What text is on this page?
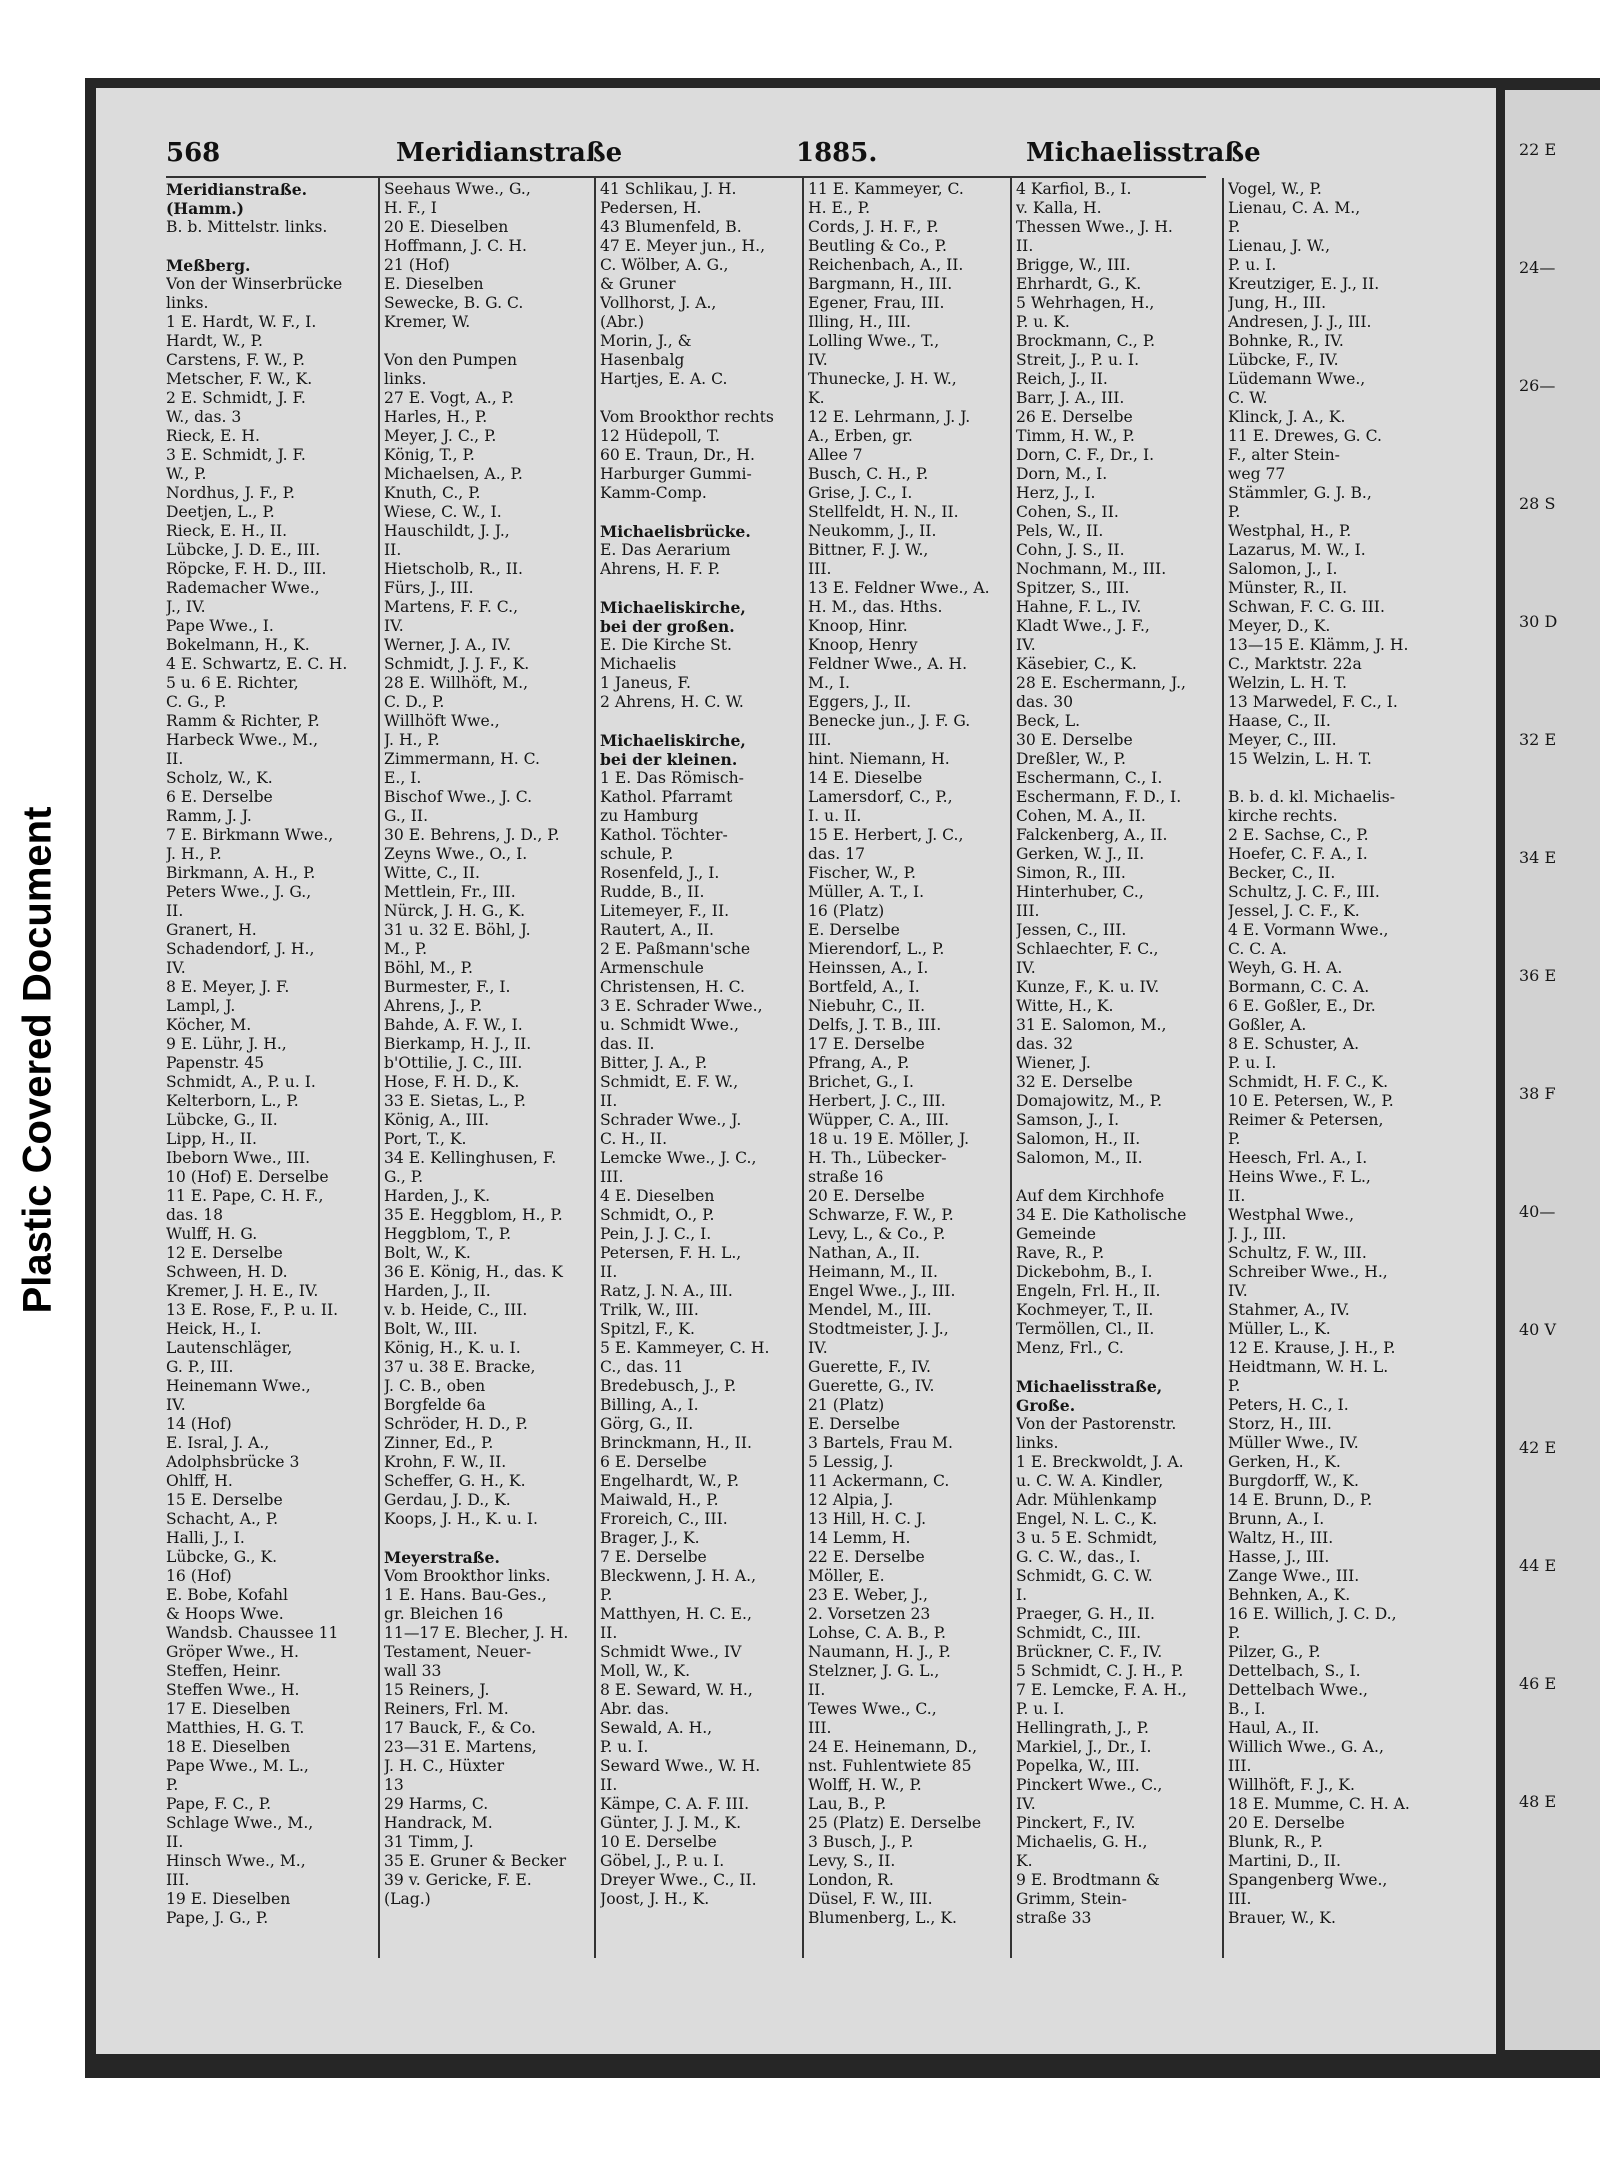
Plastic Covered Document
22 E
24—
26—
28 S
30 D
32 E
34 E
36 E
38 F
40—
40 V
42 E
44 E
46 E
48 E
568	Meridianstraße	1885.	Michaelisstraße
Meridianstraße.
(Hamm.)
B. b. Mittelstr. links.

Meßberg.
Von der Winserbrücke
links.
1 E. Hardt, W. F., I.
Hardt, W., P.
Carstens, F. W., P.
Metscher, F. W., K.
2 E. Schmidt, J. F.
W., das. 3
Rieck, E. H.
3 E. Schmidt, J. F.
W., P.
Nordhus, J. F., P.
Deetjen, L., P.
Rieck, E. H., II.
Lübcke, J. D. E., III.
Röpcke, F. H. D., III.
Rademacher Wwe.,
J., IV.
Pape Wwe., I.
Bokelmann, H., K.
4 E. Schwartz, E. C. H.
5 u. 6 E. Richter,
C. G., P.
Ramm & Richter, P.
Harbeck Wwe., M.,
II.
Scholz, W., K.
6 E. Derselbe
Ramm, J. J.
7 E. Birkmann Wwe.,
J. H., P.
Birkmann, A. H., P.
Peters Wwe., J. G.,
II.
Granert, H.
Schadendorf, J. H.,
IV.
8 E. Meyer, J. F.
Lampl, J.
Köcher, M.
9 E. Lühr, J. H.,
Papenstr. 45
Schmidt, A., P. u. I.
Kelterborn, L., P.
Lübcke, G., II.
Lipp, H., II.
Ibeborn Wwe., III.
10 (Hof) E. Derselbe
11 E. Pape, C. H. F.,
das. 18
Wulff, H. G.
12 E. Derselbe
Schween, H. D.
Kremer, J. H. E., IV.
13 E. Rose, F., P. u. II.
Heick, H., I.
Lautenschläger,
G. P., III.
Heinemann Wwe.,
IV.
14 (Hof)
E. Isral, J. A.,
Adolphsbrücke 3
Ohlff, H.
15 E. Derselbe
Schacht, A., P.
Halli, J., I.
Lübcke, G., K.
16 (Hof)
E. Bobe, Kofahl
& Hoops Wwe.
Wandsb. Chaussee 11
Gröper Wwe., H.
Steffen, Heinr.
Steffen Wwe., H.
17 E. Dieselben
Matthies, H. G. T.
18 E. Dieselben
Pape Wwe., M. L.,
P.
Pape, F. C., P.
Schlage Wwe., M.,
II.
Hinsch Wwe., M.,
III.
19 E. Dieselben
Pape, J. G., P.
Seehaus Wwe., G.,
H. F., I
20 E. Dieselben
Hoffmann, J. C. H.
21 (Hof)
E. Dieselben
Sewecke, B. G. C.
Kremer, W.

Von den Pumpen
links.
27 E. Vogt, A., P.
Harles, H., P.
Meyer, J. C., P.
König, T., P.
Michaelsen, A., P.
Knuth, C., P.
Wiese, C. W., I.
Hauschildt, J. J.,
II.
Hietscholb, R., II.
Fürs, J., III.
Martens, F. F. C.,
IV.
Werner, J. A., IV.
Schmidt, J. J. F., K.
28 E. Willhöft, M.,
C. D., P.
Willhöft Wwe.,
J. H., P.
Zimmermann, H. C.
E., I.
Bischof Wwe., J. C.
G., II.
30 E. Behrens, J. D., P.
Zeyns Wwe., O., I.
Witte, C., II.
Mettlein, Fr., III.
Nürck, J. H. G., K.
31 u. 32 E. Böhl, J.
M., P.
Böhl, M., P.
Burmester, F., I.
Ahrens, J., P.
Bahde, A. F. W., I.
Bierkamp, H. J., II.
b'Ottilie, J. C., III.
Hose, F. H. D., K.
33 E. Sietas, L., P.
König, A., III.
Port, T., K.
34 E. Kellinghusen, F.
G., P.
Harden, J., K.
35 E. Heggblom, H., P.
Heggblom, T., P.
Bolt, W., K.
36 E. König, H., das. K
Harden, J., II.
v. b. Heide, C., III.
Bolt, W., III.
König, H., K. u. I.
37 u. 38 E. Bracke,
J. C. B., oben
Borgfelde 6a
Schröder, H. D., P.
Zinner, Ed., P.
Krohn, F. W., II.
Scheffer, G. H., K.
Gerdau, J. D., K.
Koops, J. H., K. u. I.

Meyerstraße.
Vom Brookthor links.
1 E. Hans. Bau-Ges.,
gr. Bleichen 16
11—17 E. Blecher, J. H.
Testament, Neuer-
wall 33
15 Reiners, J.
Reiners, Frl. M.
17 Bauck, F., & Co.
23—31 E. Martens,
J. H. C., Hüxter
13
29 Harms, C.
Handrack, M.
31 Timm, J.
35 E. Gruner & Becker
39 v. Gericke, F. E.
(Lag.)
41 Schlikau, J. H.
Pedersen, H.
43 Blumenfeld, B.
47 E. Meyer jun., H.,
C. Wölber, A. G.,
& Gruner
Vollhorst, J. A.,
(Abr.)
Morin, J., &
Hasenbalg
Hartjes, E. A. C.

Vom Brookthor rechts
12 Hüdepoll, T.
60 E. Traun, Dr., H.
Harburger Gummi-
Kamm-Comp.

Michaelisbrücke.
E. Das Aerarium
Ahrens, H. F. P.

Michaeliskirche,
bei der großen.
E. Die Kirche St.
Michaelis
1 Janeus, F.
2 Ahrens, H. C. W.

Michaeliskirche,
bei der kleinen.
1 E. Das Römisch-
Kathol. Pfarramt
zu Hamburg
Kathol. Töchter-
schule, P.
Rosenfeld, J., I.
Rudde, B., II.
Litemeyer, F., II.
Rautert, A., II.
2 E. Paßmann'sche
Armenschule
Christensen, H. C.
3 E. Schrader Wwe.,
u. Schmidt Wwe.,
das. II.
Bitter, J. A., P.
Schmidt, E. F. W.,
II.
Schrader Wwe., J.
C. H., II.
Lemcke Wwe., J. C.,
III.
4 E. Dieselben
Schmidt, O., P.
Pein, J. J. C., I.
Petersen, F. H. L.,
II.
Ratz, J. N. A., III.
Trilk, W., III.
Spitzl, F., K.
5 E. Kammeyer, C. H.
C., das. 11
Bredebusch, J., P.
Billing, A., I.
Görg, G., II.
Brinckmann, H., II.
6 E. Derselbe
Engelhardt, W., P.
Maiwald, H., P.
Froreich, C., III.
Brager, J., K.
7 E. Derselbe
Bleckwenn, J. H. A.,
P.
Matthyen, H. C. E.,
II.
Schmidt Wwe., IV
Moll, W., K.
8 E. Seward, W. H.,
Abr. das.
Sewald, A. H.,
P. u. I.
Seward Wwe., W. H.
II.
Kämpe, C. A. F. III.
Günter, J. J. M., K.
10 E. Derselbe
Göbel, J., P. u. I.
Dreyer Wwe., C., II.
Joost, J. H., K.
11 E. Kammeyer, C.
H. E., P.
Cords, J. H. F., P.
Beutling & Co., P.
Reichenbach, A., II.
Bargmann, H., III.
Egener, Frau, III.
Illing, H., III.
Lolling Wwe., T.,
IV.
Thunecke, J. H. W.,
K.
12 E. Lehrmann, J. J.
A., Erben, gr.
Allee 7
Busch, C. H., P.
Grise, J. C., I.
Stellfeldt, H. N., II.
Neukomm, J., II.
Bittner, F. J. W.,
III.
13 E. Feldner Wwe., A.
H. M., das. Hths.
Knoop, Hinr.
Knoop, Henry
Feldner Wwe., A. H.
M., I.
Eggers, J., II.
Benecke jun., J. F. G.
III.
hint. Niemann, H.
14 E. Dieselbe
Lamersdorf, C., P.,
I. u. II.
15 E. Herbert, J. C.,
das. 17
Fischer, W., P.
Müller, A. T., I.
16 (Platz)
E. Derselbe
Mierendorf, L., P.
Heinssen, A., I.
Bortfeld, A., I.
Niebuhr, C., II.
Delfs, J. T. B., III.
17 E. Derselbe
Pfrang, A., P.
Brichet, G., I.
Herbert, J. C., III.
Wüpper, C. A., III.
18 u. 19 E. Möller, J.
H. Th., Lübecker-
straße 16
20 E. Derselbe
Schwarze, F. W., P.
Levy, L., & Co., P.
Nathan, A., II.
Heimann, M., II.
Engel Wwe., J., III.
Mendel, M., III.
Stodtmeister, J. J.,
IV.
Guerette, F., IV.
Guerette, G., IV.
21 (Platz)
E. Derselbe
3 Bartels, Frau M.
5 Lessig, J.
11 Ackermann, C.
12 Alpia, J.
13 Hill, H. C. J.
14 Lemm, H.
22 E. Derselbe
Möller, E.
23 E. Weber, J.,
2. Vorsetzen 23
Lohse, C. A. B., P.
Naumann, H. J., P.
Stelzner, J. G. L.,
II.
Tewes Wwe., C.,
III.
24 E. Heinemann, D.,
nst. Fuhlentwiete 85
Wolff, H. W., P.
Lau, B., P.
25 (Platz) E. Derselbe
3 Busch, J., P.
Levy, S., II.
London, R.
Düsel, F. W., III.
Blumenberg, L., K.
4 Karfiol, B., I.
v. Kalla, H.
Thessen Wwe., J. H.
II.
Brigge, W., III.
Ehrhardt, G., K.
5 Wehrhagen, H.,
P. u. K.
Brockmann, C., P.
Streit, J., P. u. I.
Reich, J., II.
Barr, J. A., III.
26 E. Derselbe
Timm, H. W., P.
Dorn, C. F., Dr., I.
Dorn, M., I.
Herz, J., I.
Cohen, S., II.
Pels, W., II.
Cohn, J. S., II.
Nochmann, M., III.
Spitzer, S., III.
Hahne, F. L., IV.
Kladt Wwe., J. F.,
IV.
Käsebier, C., K.
28 E. Eschermann, J.,
das. 30
Beck, L.
30 E. Derselbe
Dreßler, W., P.
Eschermann, C., I.
Eschermann, F. D., I.
Cohen, M. A., II.
Falckenberg, A., II.
Gerken, W. J., II.
Simon, R., III.
Hinterhuber, C.,
III.
Jessen, C., III.
Schlaechter, F. C.,
IV.
Kunze, F., K. u. IV.
Witte, H., K.
31 E. Salomon, M.,
das. 32
Wiener, J.
32 E. Derselbe
Domajowitz, M., P.
Samson, J., I.
Salomon, H., II.
Salomon, M., II.

Auf dem Kirchhofe
34 E. Die Katholische
Gemeinde
Rave, R., P.
Dickebohm, B., I.
Engeln, Frl. H., II.
Kochmeyer, T., II.
Termöllen, Cl., II.
Menz, Frl., C.

Michaelisstraße,
Große.
Von der Pastorenstr.
links.
1 E. Breckwoldt, J. A.
u. C. W. A. Kindler,
Adr. Mühlenkamp
Engel, N. L. C., K.
3 u. 5 E. Schmidt,
G. C. W., das., I.
Schmidt, G. C. W.
I.
Praeger, G. H., II.
Schmidt, C., III.
Brückner, C. F., IV.
5 Schmidt, C. J. H., P.
7 E. Lemcke, F. A. H.,
P. u. I.
Hellingrath, J., P.
Markiel, J., Dr., I.
Popelka, W., III.
Pinckert Wwe., C.,
IV.
Pinckert, F., IV.
Michaelis, G. H.,
K.
9 E. Brodtmann &
Grimm, Stein-
straße 33
Vogel, W., P.
Lienau, C. A. M.,
P.
Lienau, J. W.,
P. u. I.
Kreutziger, E. J., II.
Jung, H., III.
Andresen, J. J., III.
Bohnke, R., IV.
Lübcke, F., IV.
Lüdemann Wwe.,
C. W.
Klinck, J. A., K.
11 E. Drewes, G. C.
F., alter Stein-
weg 77
Stämmler, G. J. B.,
P.
Westphal, H., P.
Lazarus, M. W., I.
Salomon, J., I.
Münster, R., II.
Schwan, F. C. G. III.
Meyer, D., K.
13—15 E. Klämm, J. H.
C., Marktstr. 22a
Welzin, L. H. T.
13 Marwedel, F. C., I.
Haase, C., II.
Meyer, C., III.
15 Welzin, L. H. T.

B. b. d. kl. Michaelis-
kirche rechts.
2 E. Sachse, C., P.
Hoefer, C. F. A., I.
Becker, C., II.
Schultz, J. C. F., III.
Jessel, J. C. F., K.
4 E. Vormann Wwe.,
C. C. A.
Weyh, G. H. A.
Bormann, C. C. A.
6 E. Goßler, E., Dr.
Goßler, A.
8 E. Schuster, A.
P. u. I.
Schmidt, H. F. C., K.
10 E. Petersen, W., P.
Reimer & Petersen,
P.
Heesch, Frl. A., I.
Heins Wwe., F. L.,
II.
Westphal Wwe.,
J. J., III.
Schultz, F. W., III.
Schreiber Wwe., H.,
IV.
Stahmer, A., IV.
Müller, L., K.
12 E. Krause, J. H., P.
Heidtmann, W. H. L.
P.
Peters, H. C., I.
Storz, H., III.
Müller Wwe., IV.
Gerken, H., K.
Burgdorff, W., K.
14 E. Brunn, D., P.
Brunn, A., I.
Waltz, H., III.
Hasse, J., III.
Zange Wwe., III.
Behnken, A., K.
16 E. Willich, J. C. D.,
P.
Pilzer, G., P.
Dettelbach, S., I.
Dettelbach Wwe.,
B., I.
Haul, A., II.
Willich Wwe., G. A.,
III.
Willhöft, F. J., K.
18 E. Mumme, C. H. A.
20 E. Derselbe
Blunk, R., P.
Martini, D., II.
Spangenberg Wwe.,
III.
Brauer, W., K.
